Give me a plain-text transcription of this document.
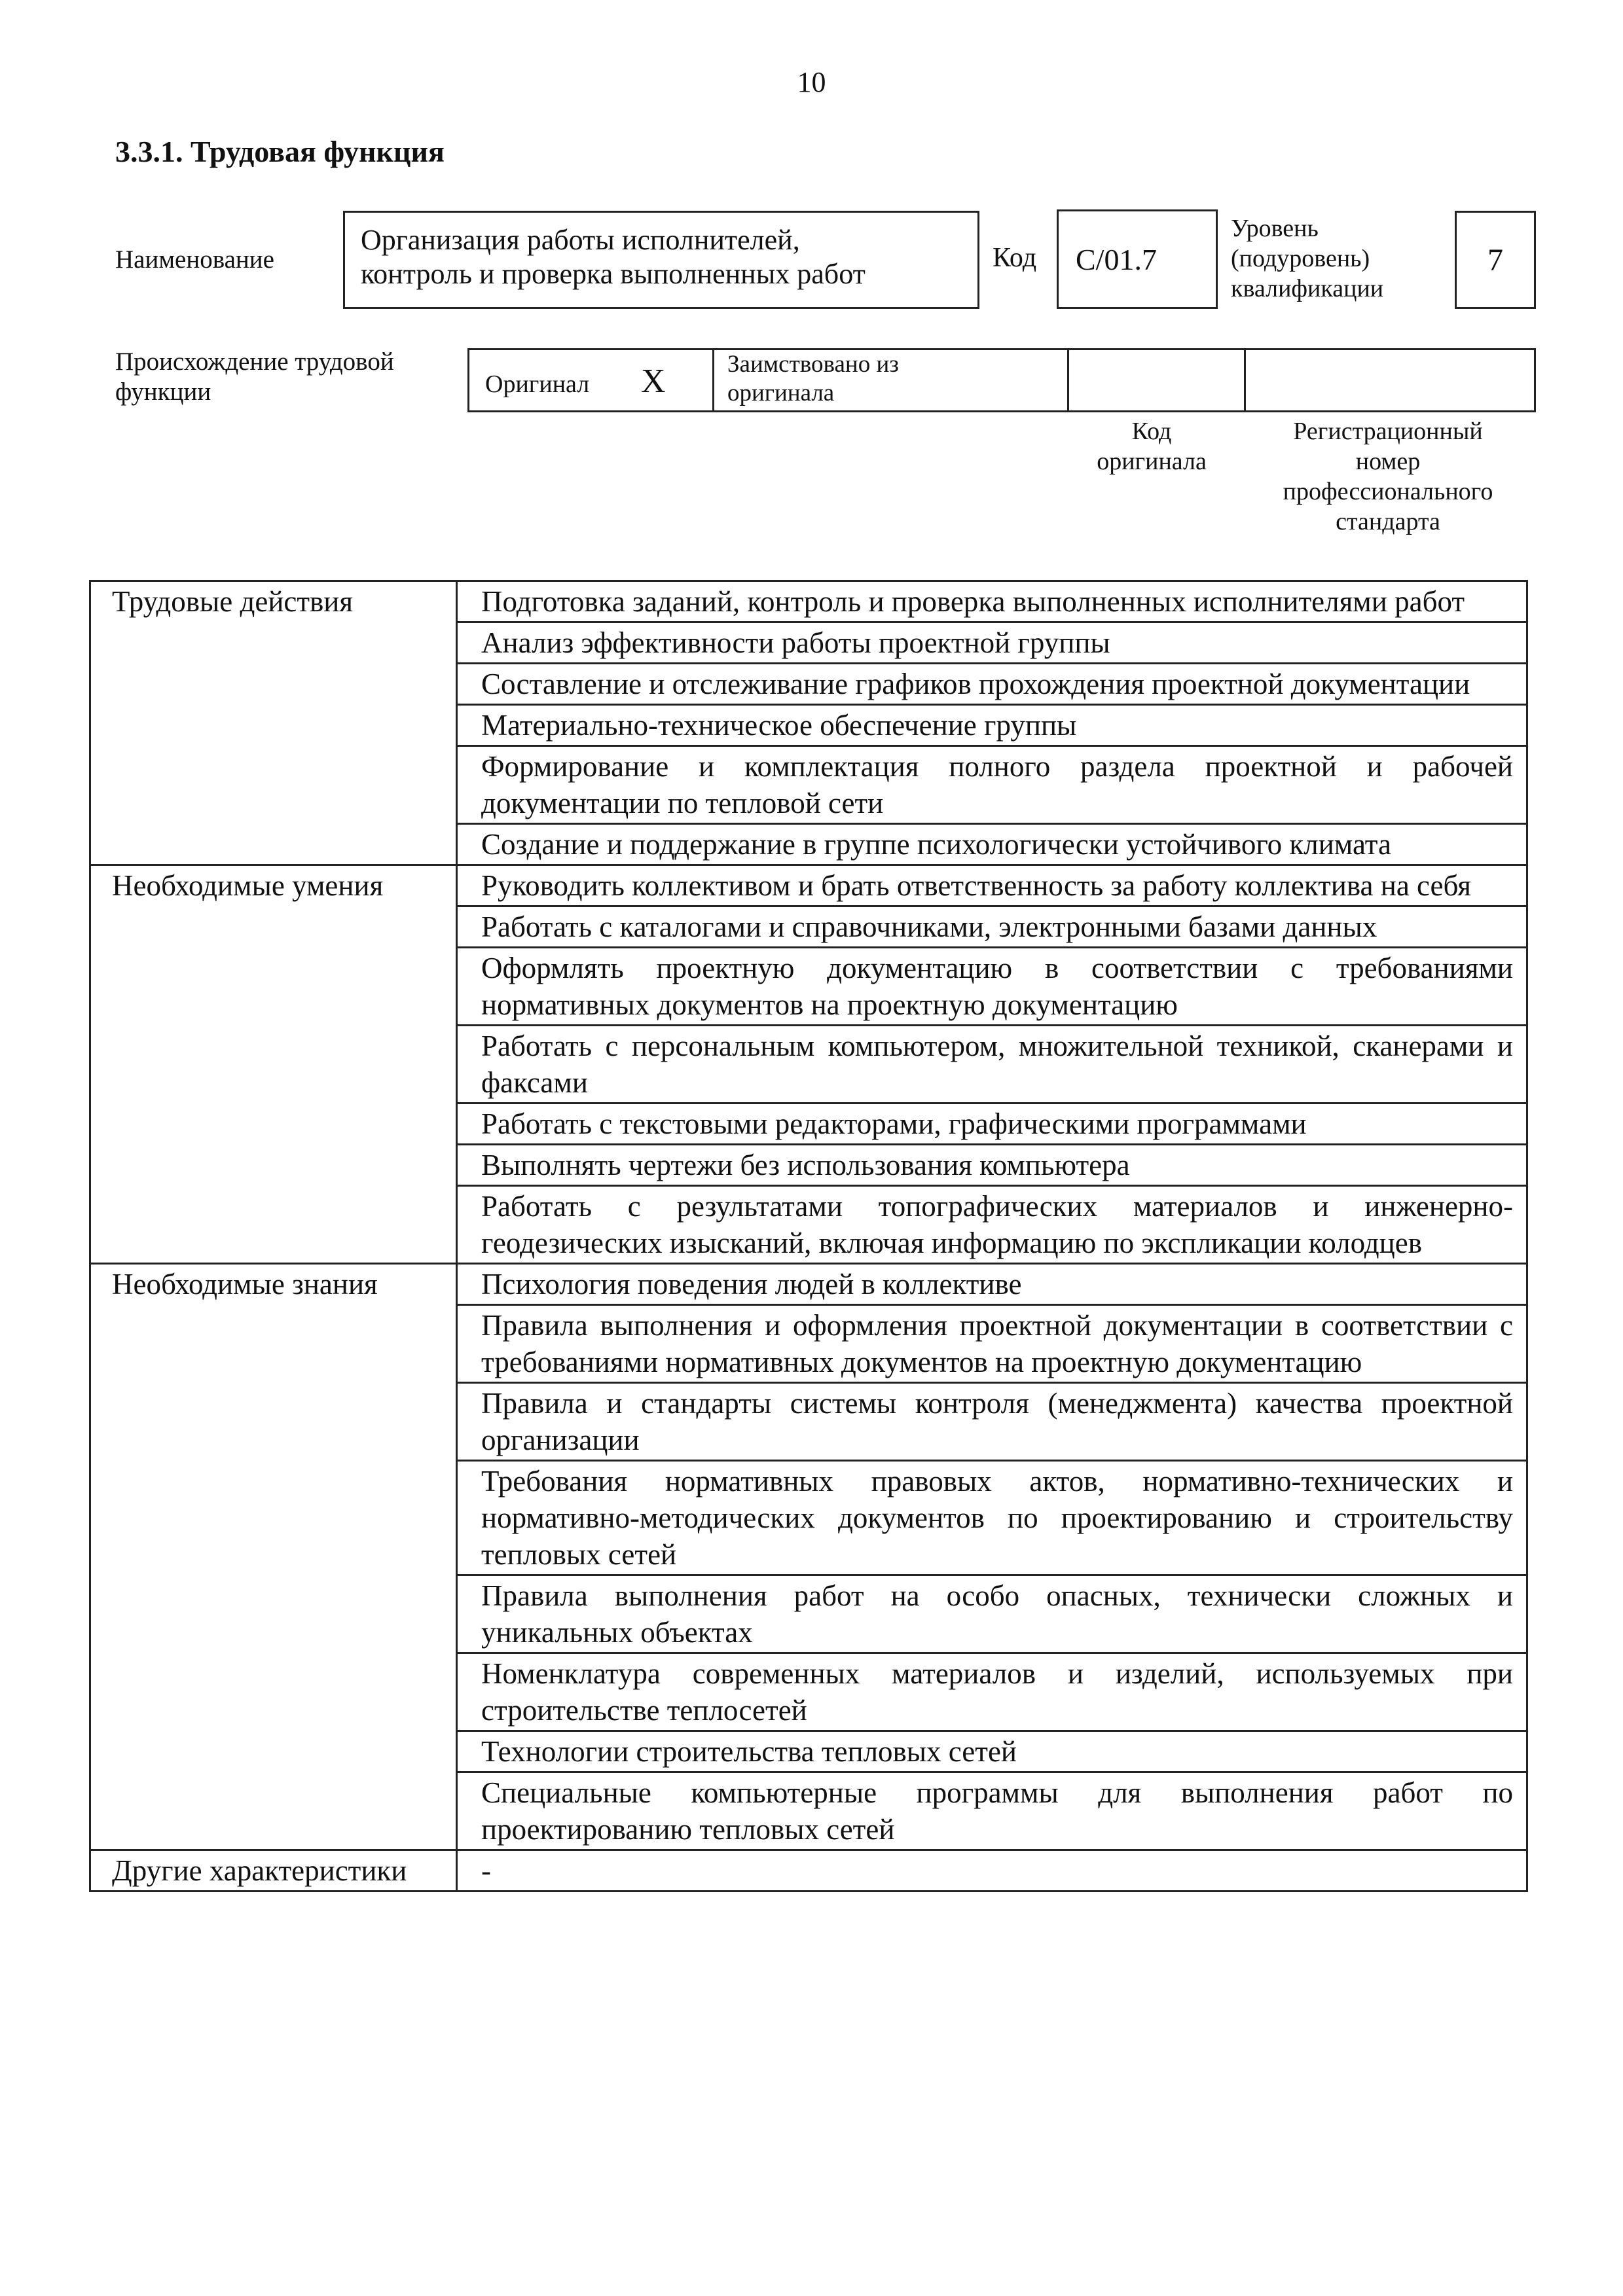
10
3.3.1. Трудовая функция
Наименование
Организация работы исполнителей,
контроль и проверка выполненных работ	Код С/01.7
Уровень
(подуровень)
квалификации
7
Происхождение трудовой
функции	Оригинал X	Заимствовано из
оригинала
Код
оригинала
Регистрационный
номер
профессионального
стандарта
Трудовые действия	Подготовка заданий, контроль и проверка выполненных исполнителями работ
	Анализ эффективности работы проектной группы
	Составление и отслеживание графиков прохождения проектной документации
	Материально-техническое обеспечение группы
	Формирование и комплектация полного раздела проектной и рабочей документации по тепловой сети
	Создание и поддержание в группе психологически устойчивого климата
Необходимые умения	Руководить коллективом и брать ответственность за работу коллектива на себя
	Работать с каталогами и справочниками, электронными базами данных
	Оформлять проектную документацию в соответствии с требованиями нормативных документов на проектную документацию
	Работать с персональным компьютером, множительной техникой, сканерами и факсами
	Работать с текстовыми редакторами, графическими программами
	Выполнять чертежи без использования компьютера
	Работать с результатами топографических материалов и инженерно-геодезических изысканий, включая информацию по экспликации колодцев
Необходимые знания	Психология поведения людей в коллективе
	Правила выполнения и оформления проектной документации в соответствии с требованиями нормативных документов на проектную документацию
	Правила и стандарты системы контроля (менеджмента) качества проектной организации
	Требования нормативных правовых актов, нормативно-технических и нормативно-методических документов по проектированию и строительству тепловых сетей
	Правила выполнения работ на особо опасных, технически сложных и уникальных объектах
	Номенклатура современных материалов и изделий, используемых при строительстве теплосетей
	Технологии строительства тепловых сетей
	Специальные компьютерные программы для выполнения работ по проектированию тепловых сетей
Другие характеристики	-
